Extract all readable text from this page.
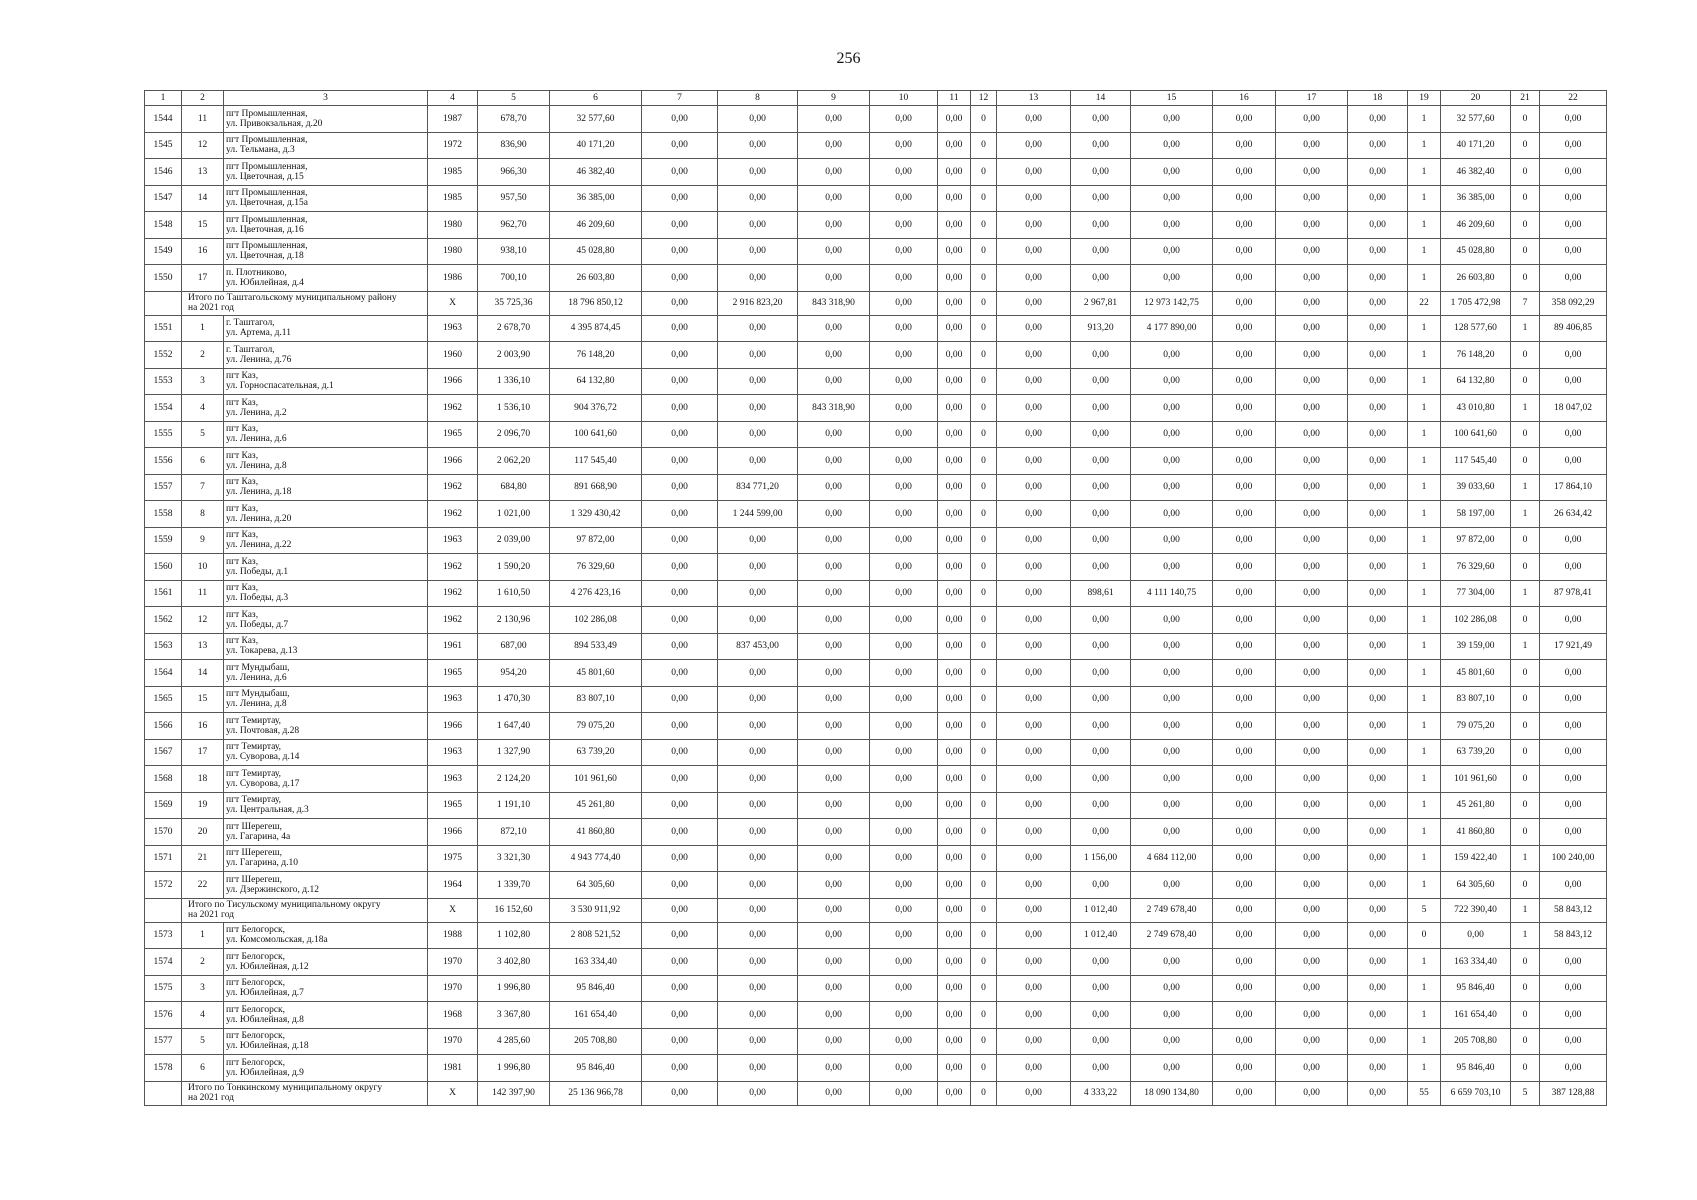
256
1	2	3	4	5	6	7	8	9	10	11	12	13	14	15	16	17	18	19	20	21	22
1544	11	пгт Промышленная,
ул. Привокзальная, д.20	1987	678,70	32 577,60	0,00	0,00	0,00	0,00	0,00	0	0,00	0,00	0,00	0,00	0,00	0,00	1	32 577,60	0	0,00
1545	12	пгт Промышленная,
ул. Тельмана, д.3	1972	836,90	40 171,20	0,00	0,00	0,00	0,00	0,00	0	0,00	0,00	0,00	0,00	0,00	0,00	1	40 171,20	0	0,00
1546	13	пгт Промышленная,
ул. Цветочная, д.15	1985	966,30	46 382,40	0,00	0,00	0,00	0,00	0,00	0	0,00	0,00	0,00	0,00	0,00	0,00	1	46 382,40	0	0,00
1547	14	пгт Промышленная,
ул. Цветочная, д.15а	1985	957,50	36 385,00	0,00	0,00	0,00	0,00	0,00	0	0,00	0,00	0,00	0,00	0,00	0,00	1	36 385,00	0	0,00
1548	15	пгт Промышленная,
ул. Цветочная, д.16	1980	962,70	46 209,60	0,00	0,00	0,00	0,00	0,00	0	0,00	0,00	0,00	0,00	0,00	0,00	1	46 209,60	0	0,00
1549	16	пгт Промышленная,
ул. Цветочная, д.18	1980	938,10	45 028,80	0,00	0,00	0,00	0,00	0,00	0	0,00	0,00	0,00	0,00	0,00	0,00	1	45 028,80	0	0,00
1550	17	п. Плотниково,
ул. Юбилейная, д.4	1986	700,10	26 603,80	0,00	0,00	0,00	0,00	0,00	0	0,00	0,00	0,00	0,00	0,00	0,00	1	26 603,80	0	0,00

	Итого по Таштагольскому муниципальному району
на 2021 год		X	35 725,36	18 796 850,12	0,00	2 916 823,20	843 318,90	0,00	0,00	0	0,00	2 967,81	12 973 142,75	0,00	0,00	0,00	22	1 705 472,98	7	358 092,29
1551	1	г. Таштагол,
ул. Артема, д.11	1963	2 678,70	4 395 874,45	0,00	0,00	0,00	0,00	0,00	0	0,00	913,20	4 177 890,00	0,00	0,00	0,00	1	128 577,60	1	89 406,85
1552	2	г. Таштагол,
ул. Ленина, д.76	1960	2 003,90	76 148,20	0,00	0,00	0,00	0,00	0,00	0	0,00	0,00	0,00	0,00	0,00	0,00	1	76 148,20	0	0,00
1553	3	пгт Каз,
ул. Горноспасательная, д.1	1966	1 336,10	64 132,80	0,00	0,00	0,00	0,00	0,00	0	0,00	0,00	0,00	0,00	0,00	0,00	1	64 132,80	0	0,00
1554	4	пгт Каз,
ул. Ленина, д.2	1962	1 536,10	904 376,72	0,00	0,00	843 318,90	0,00	0,00	0	0,00	0,00	0,00	0,00	0,00	0,00	1	43 010,80	1	18 047,02
1555	5	пгт Каз,
ул. Ленина, д.6	1965	2 096,70	100 641,60	0,00	0,00	0,00	0,00	0,00	0	0,00	0,00	0,00	0,00	0,00	0,00	1	100 641,60	0	0,00
1556	6	пгт Каз,
ул. Ленина, д.8	1966	2 062,20	117 545,40	0,00	0,00	0,00	0,00	0,00	0	0,00	0,00	0,00	0,00	0,00	0,00	1	117 545,40	0	0,00
1557	7	пгт Каз,
ул. Ленина, д.18	1962	684,80	891 668,90	0,00	834 771,20	0,00	0,00	0,00	0	0,00	0,00	0,00	0,00	0,00	0,00	1	39 033,60	1	17 864,10
1558	8	пгт Каз,
ул. Ленина, д.20	1962	1 021,00	1 329 430,42	0,00	1 244 599,00	0,00	0,00	0,00	0	0,00	0,00	0,00	0,00	0,00	0,00	1	58 197,00	1	26 634,42
1559	9	пгт Каз,
ул. Ленина, д.22	1963	2 039,00	97 872,00	0,00	0,00	0,00	0,00	0,00	0	0,00	0,00	0,00	0,00	0,00	0,00	1	97 872,00	0	0,00
1560	10	пгт Каз,
ул. Победы, д.1	1962	1 590,20	76 329,60	0,00	0,00	0,00	0,00	0,00	0	0,00	0,00	0,00	0,00	0,00	0,00	1	76 329,60	0	0,00
1561	11	пгт Каз,
ул. Победы, д.3	1962	1 610,50	4 276 423,16	0,00	0,00	0,00	0,00	0,00	0	0,00	898,61	4 111 140,75	0,00	0,00	0,00	1	77 304,00	1	87 978,41
1562	12	пгт Каз,
ул. Победы, д.7	1962	2 130,96	102 286,08	0,00	0,00	0,00	0,00	0,00	0	0,00	0,00	0,00	0,00	0,00	0,00	1	102 286,08	0	0,00
1563	13	пгт Каз,
ул. Токарева, д.13	1961	687,00	894 533,49	0,00	837 453,00	0,00	0,00	0,00	0	0,00	0,00	0,00	0,00	0,00	0,00	1	39 159,00	1	17 921,49
1564	14	пгт Мундыбаш,
ул. Ленина, д.6	1965	954,20	45 801,60	0,00	0,00	0,00	0,00	0,00	0	0,00	0,00	0,00	0,00	0,00	0,00	1	45 801,60	0	0,00
1565	15	пгт Мундыбаш,
ул. Ленина, д.8	1963	1 470,30	83 807,10	0,00	0,00	0,00	0,00	0,00	0	0,00	0,00	0,00	0,00	0,00	0,00	1	83 807,10	0	0,00
1566	16	пгт Темиртау,
ул. Почтовая, д.28	1966	1 647,40	79 075,20	0,00	0,00	0,00	0,00	0,00	0	0,00	0,00	0,00	0,00	0,00	0,00	1	79 075,20	0	0,00
1567	17	пгт Темиртау,
ул. Суворова, д.14	1963	1 327,90	63 739,20	0,00	0,00	0,00	0,00	0,00	0	0,00	0,00	0,00	0,00	0,00	0,00	1	63 739,20	0	0,00
1568	18	пгт Темиртау,
ул. Суворова, д.17	1963	2 124,20	101 961,60	0,00	0,00	0,00	0,00	0,00	0	0,00	0,00	0,00	0,00	0,00	0,00	1	101 961,60	0	0,00
1569	19	пгт Темиртау,
ул. Центральная, д.3	1965	1 191,10	45 261,80	0,00	0,00	0,00	0,00	0,00	0	0,00	0,00	0,00	0,00	0,00	0,00	1	45 261,80	0	0,00
1570	20	пгт Шерегеш,
ул. Гагарина, 4а	1966	872,10	41 860,80	0,00	0,00	0,00	0,00	0,00	0	0,00	0,00	0,00	0,00	0,00	0,00	1	41 860,80	0	0,00
1571	21	пгт Шерегеш,
ул. Гагарина, д.10	1975	3 321,30	4 943 774,40	0,00	0,00	0,00	0,00	0,00	0	0,00	1 156,00	4 684 112,00	0,00	0,00	0,00	1	159 422,40	1	100 240,00
1572	22	пгт Шерегеш,
ул. Дзержинского, д.12	1964	1 339,70	64 305,60	0,00	0,00	0,00	0,00	0,00	0	0,00	0,00	0,00	0,00	0,00	0,00	1	64 305,60	0	0,00

	Итого по Тисульскому муниципальному округу
на 2021 год		X	16 152,60	3 530 911,92	0,00	0,00	0,00	0,00	0,00	0	0,00	1 012,40	2 749 678,40	0,00	0,00	0,00	5	722 390,40	1	58 843,12
1573	1	пгт Белогорск,
ул. Комсомольская, д.18а	1988	1 102,80	2 808 521,52	0,00	0,00	0,00	0,00	0,00	0	0,00	1 012,40	2 749 678,40	0,00	0,00	0,00	0	0,00	1	58 843,12
1574	2	пгт Белогорск,
ул. Юбилейная, д.12	1970	3 402,80	163 334,40	0,00	0,00	0,00	0,00	0,00	0	0,00	0,00	0,00	0,00	0,00	0,00	1	163 334,40	0	0,00
1575	3	пгт Белогорск,
ул. Юбилейная, д.7	1970	1 996,80	95 846,40	0,00	0,00	0,00	0,00	0,00	0	0,00	0,00	0,00	0,00	0,00	0,00	1	95 846,40	0	0,00
1576	4	пгт Белогорск,
ул. Юбилейная, д.8	1968	3 367,80	161 654,40	0,00	0,00	0,00	0,00	0,00	0	0,00	0,00	0,00	0,00	0,00	0,00	1	161 654,40	0	0,00
1577	5	пгт Белогорск,
ул. Юбилейная, д.18	1970	4 285,60	205 708,80	0,00	0,00	0,00	0,00	0,00	0	0,00	0,00	0,00	0,00	0,00	0,00	1	205 708,80	0	0,00
1578	6	пгт Белогорск,
ул. Юбилейная, д.9	1981	1 996,80	95 846,40	0,00	0,00	0,00	0,00	0,00	0	0,00	0,00	0,00	0,00	0,00	0,00	1	95 846,40	0	0,00

	Итого по Тонкинскому муниципальному округу
на 2021 год		X	142 397,90	25 136 966,78	0,00	0,00	0,00	0,00	0,00	0	0,00	4 333,22	18 090 134,80	0,00	0,00	0,00	55	6 659 703,10	5	387 128,88
